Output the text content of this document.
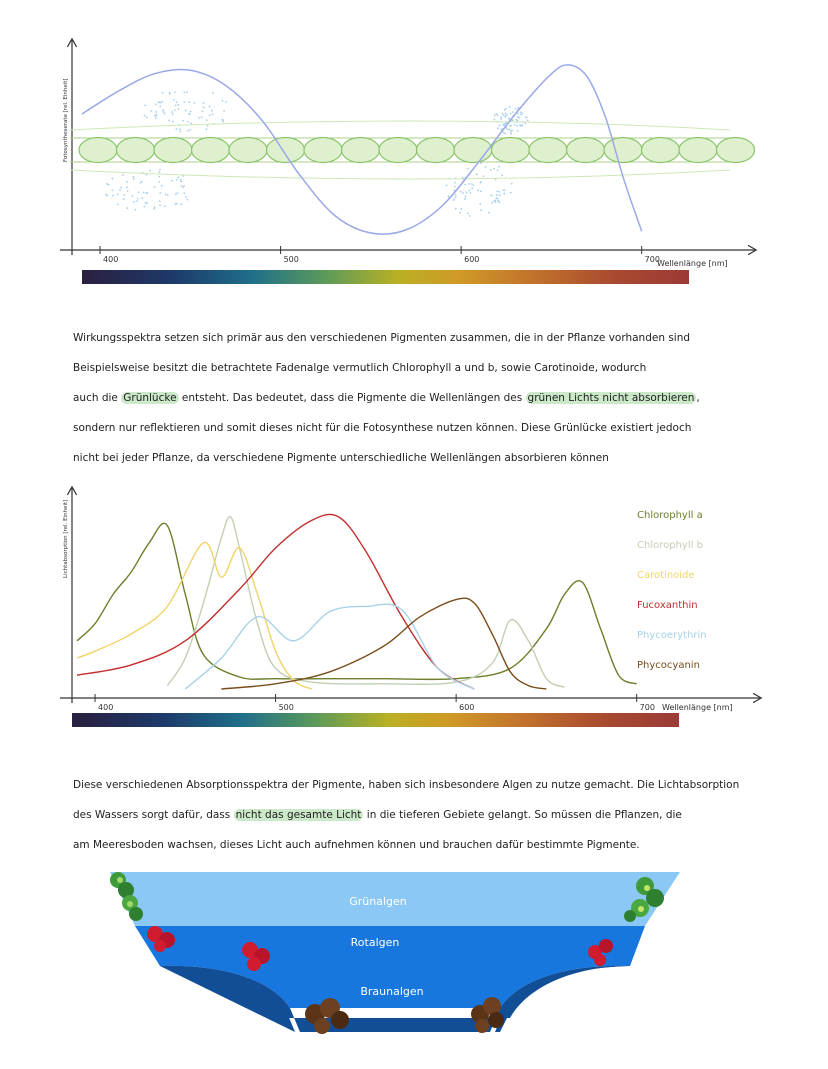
400	500	600	700
Fotosyntheserate [rel. Einheit]
Wellenlänge [nm]
Wirkungsspektra setzen sich primär aus den verschiedenen Pigmenten zusammen, die in der Pflanze vorhanden sind
Beispielsweise besitzt die betrachtete Fadenalge vermutlich Chlorophyll a und b, sowie Carotinoide, wodurch
auch die Grünlücke entsteht. Das bedeutet, dass die Pigmente die Wellenlängen des grünen Lichts nicht absorbieren ,
sondern nur reflektieren und somit dieses nicht für die Fotosynthese nutzen können. Diese Grünlücke existiert jedoch
nicht bei jeder Pflanze, da verschiedene Pigmente unterschiedliche Wellenlängen absorbieren können
400	500	600	700
Lichtabsorption [rel. Einheit]
Wellenlänge [nm]
Chlorophyll a
Chlorophyll b
Carotinoide
Fucoxanthin
Phycoerythrin
Phycocyanin
Diese verschiedenen Absorptionsspektra der Pigmente, haben sich insbesondere Algen zu nutze gemacht. Die Lichtabsorption
des Wassers sorgt dafür, dass nicht das gesamte Licht in die tieferen Gebiete gelangt. So müssen die Pflanzen, die
am Meeresboden wachsen, dieses Licht auch aufnehmen können und brauchen dafür bestimmte Pigmente.
Grünalgen
Rotalgen
Braunalgen
